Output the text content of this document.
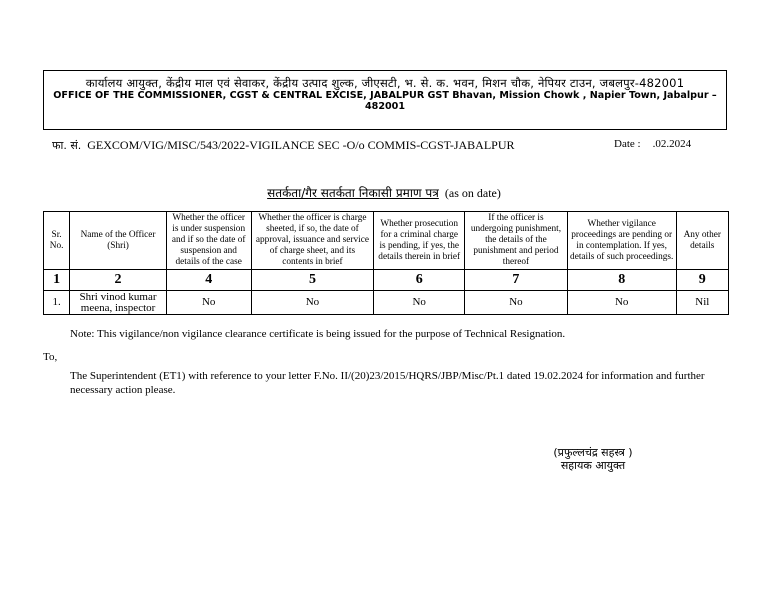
कार्यालय आयुक्त, केंद्रीय माल एवं सेवाकर, केंद्रीय उत्पाद शुल्क, जीएसटी, भ. से. क. भवन, मिशन चौक, नेपियर टाउन, जबलपुर-482001
OFFICE OF THE COMMISSIONER, CGST & CENTRAL EXCISE, JABALPUR GST Bhavan, Mission Chowk , Napier Town, Jabalpur – 482001
फा. सं. GEXCOM/VIG/MISC/543/2022-VIGILANCE SEC -O/o COMMIS-CGST-JABALPUR	Date : .02.2024
सतर्कता/गैर सतर्कता निकासी प्रमाण पत्र (as on date)
Sr. No.	Name of the Officer (Shri)	Whether the officer is under suspension and if so the date of suspension and details of the case	Whether the officer is charge sheeted, if so, the date of approval, issuance and service of charge sheet, and its contents in brief	Whether prosecution for a criminal charge is pending, if yes, the details therein in brief	If the officer is undergoing punishment, the details of the punishment and period thereof	Whether vigilance proceedings are pending or in contemplation. If yes, details of such proceedings.	Any other details
1	2	4	5	6	7	8	9
1.	Shri vinod kumar meena, inspector	No	No	No	No	No	Nil
Note: This vigilance/non vigilance clearance certificate is being issued for the purpose of Technical Resignation.
To,
The Superintendent (ET1) with reference to your letter F.No. II/(20)23/2015/HQRS/JBP/Misc/Pt.1 dated 19.02.2024 for information and further necessary action please.
(प्रफुल्लचंद्र सहस्त्र )
सहायक आयुक्त
